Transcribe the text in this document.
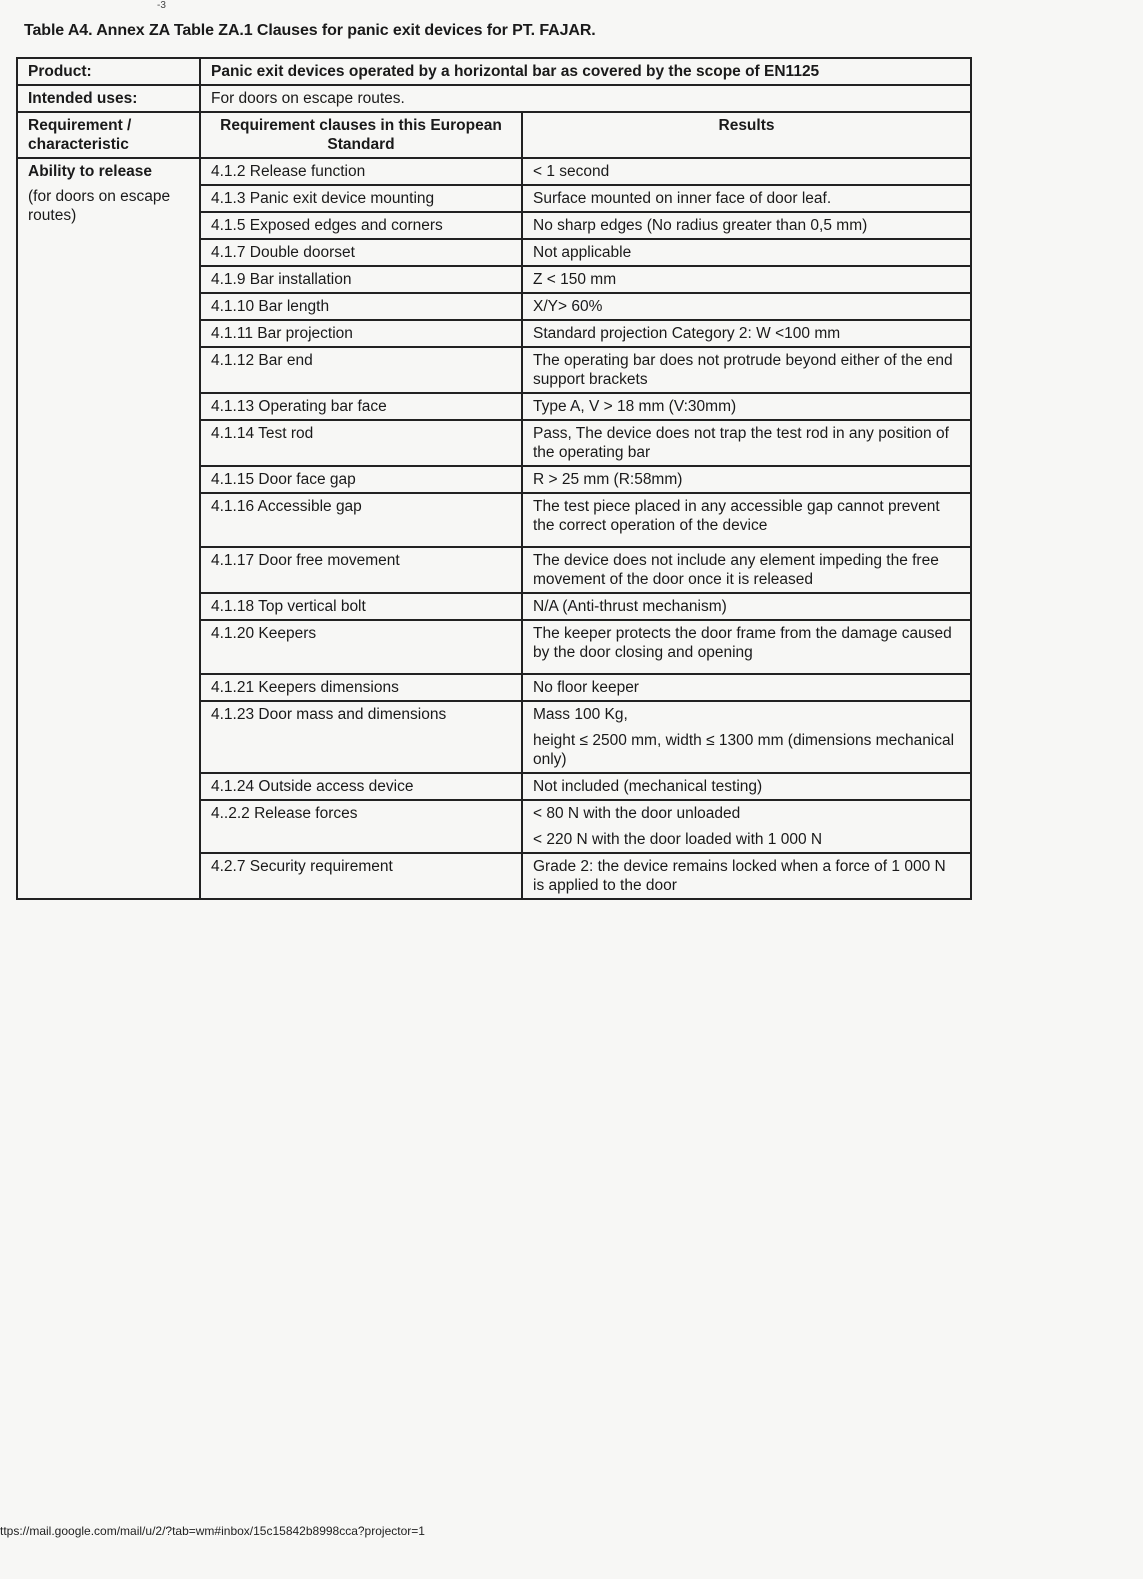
-3
Table A4. Annex ZA Table ZA.1 Clauses for panic exit devices for PT. FAJAR.
Product:	Panic exit devices operated by a horizontal bar as covered by the scope of EN1125	
Intended uses:	For doors on escape routes.	
Requirement / characteristic	Requirement clauses in this European Standard	Results

Ability to release
(for doors on escape routes)	4.1.2 Release function	< 1 second

	4.1.3 Panic exit device mounting	Surface mounted on inner face of door leaf.

	4.1.5 Exposed edges and corners	No sharp edges (No radius greater than 0,5 mm)

	4.1.7 Double doorset	Not applicable

	4.1.9 Bar installation	Z < 150 mm

	4.1.10 Bar length	X/Y> 60%

	4.1.11 Bar projection	Standard projection Category 2: W <100 mm

	4.1.12 Bar end	The operating bar does not protrude beyond either of the end support brackets

	4.1.13 Operating bar face	Type A, V > 18 mm (V:30mm)

	4.1.14 Test rod	Pass, The device does not trap the test rod in any position of the operating bar

	4.1.15 Door face gap	R > 25 mm (R:58mm)

	4.1.16 Accessible gap	The test piece placed in any accessible gap cannot prevent the correct operation of the device

	4.1.17 Door free movement	The device does not include any element impeding the free movement of the door once it is released

	4.1.18 Top vertical bolt	N/A (Anti-thrust mechanism)

	4.1.20 Keepers	The keeper protects the door frame from the damage caused by the door closing and opening

	4.1.21 Keepers dimensions	No floor keeper

	4.1.23 Door mass and dimensions	Mass 100 Kg,

height ≤ 2500 mm, width ≤ 1300 mm (dimensions mechanical only)

	4.1.24 Outside access device	Not included (mechanical testing)

	4..2.2 Release forces	< 80 N with the door unloaded

< 220 N with the door loaded with 1 000 N

	4.2.7 Security requirement	Grade 2: the device remains locked when a force of 1 000 N is applied to the door

ttps://mail.google.com/mail/u/2/?tab=wm#inbox/15c15842b8998cca?projector=1
